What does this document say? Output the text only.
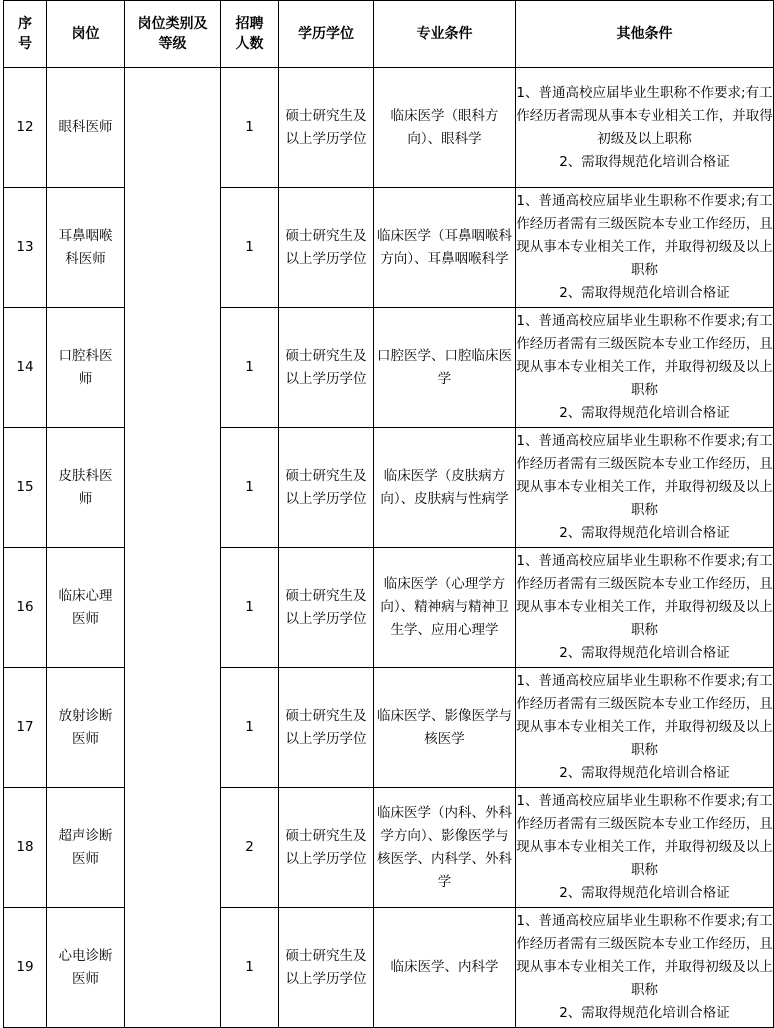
序号	岗位	岗位类别及等级	招聘人数	学历学位	专业条件	其他条件
12	眼科医师		1	硕士研究生及以上学历学位	临床医学（眼科方向）、眼科学	1、普通高校应届毕业生职称不作要求;有工作经历者需现从事本专业相关工作，并取得初级及以上职称
2、需取得规范化培训合格证
13	耳鼻咽喉科医师		1	硕士研究生及以上学历学位	临床医学（耳鼻咽喉科方向）、耳鼻咽喉科学	1、普通高校应届毕业生职称不作要求;有工作经历者需有三级医院本专业工作经历，且现从事本专业相关工作，并取得初级及以上职称
2、需取得规范化培训合格证
14	口腔科医师		1	硕士研究生及以上学历学位	口腔医学、口腔临床医学	1、普通高校应届毕业生职称不作要求;有工作经历者需有三级医院本专业工作经历，且现从事本专业相关工作，并取得初级及以上职称
2、需取得规范化培训合格证
15	皮肤科医师		1	硕士研究生及以上学历学位	临床医学（皮肤病方向）、皮肤病与性病学	1、普通高校应届毕业生职称不作要求;有工作经历者需有三级医院本专业工作经历，且现从事本专业相关工作，并取得初级及以上职称
2、需取得规范化培训合格证
16	临床心理医师		1	硕士研究生及以上学历学位	临床医学（心理学方向）、精神病与精神卫生学、应用心理学	1、普通高校应届毕业生职称不作要求;有工作经历者需有三级医院本专业工作经历，且现从事本专业相关工作，并取得初级及以上职称
2、需取得规范化培训合格证
17	放射诊断医师		1	硕士研究生及以上学历学位	临床医学、影像医学与核医学	1、普通高校应届毕业生职称不作要求;有工作经历者需有三级医院本专业工作经历，且现从事本专业相关工作，并取得初级及以上职称
2、需取得规范化培训合格证
18	超声诊断医师		2	硕士研究生及以上学历学位	临床医学（内科、外科学方向）、影像医学与核医学、内科学、外科学	1、普通高校应届毕业生职称不作要求;有工作经历者需有三级医院本专业工作经历，且现从事本专业相关工作，并取得初级及以上职称
2、需取得规范化培训合格证
19	心电诊断医师		1	硕士研究生及以上学历学位	临床医学、内科学	1、普通高校应届毕业生职称不作要求;有工作经历者需有三级医院本专业工作经历，且现从事本专业相关工作，并取得初级及以上职称
2、需取得规范化培训合格证
